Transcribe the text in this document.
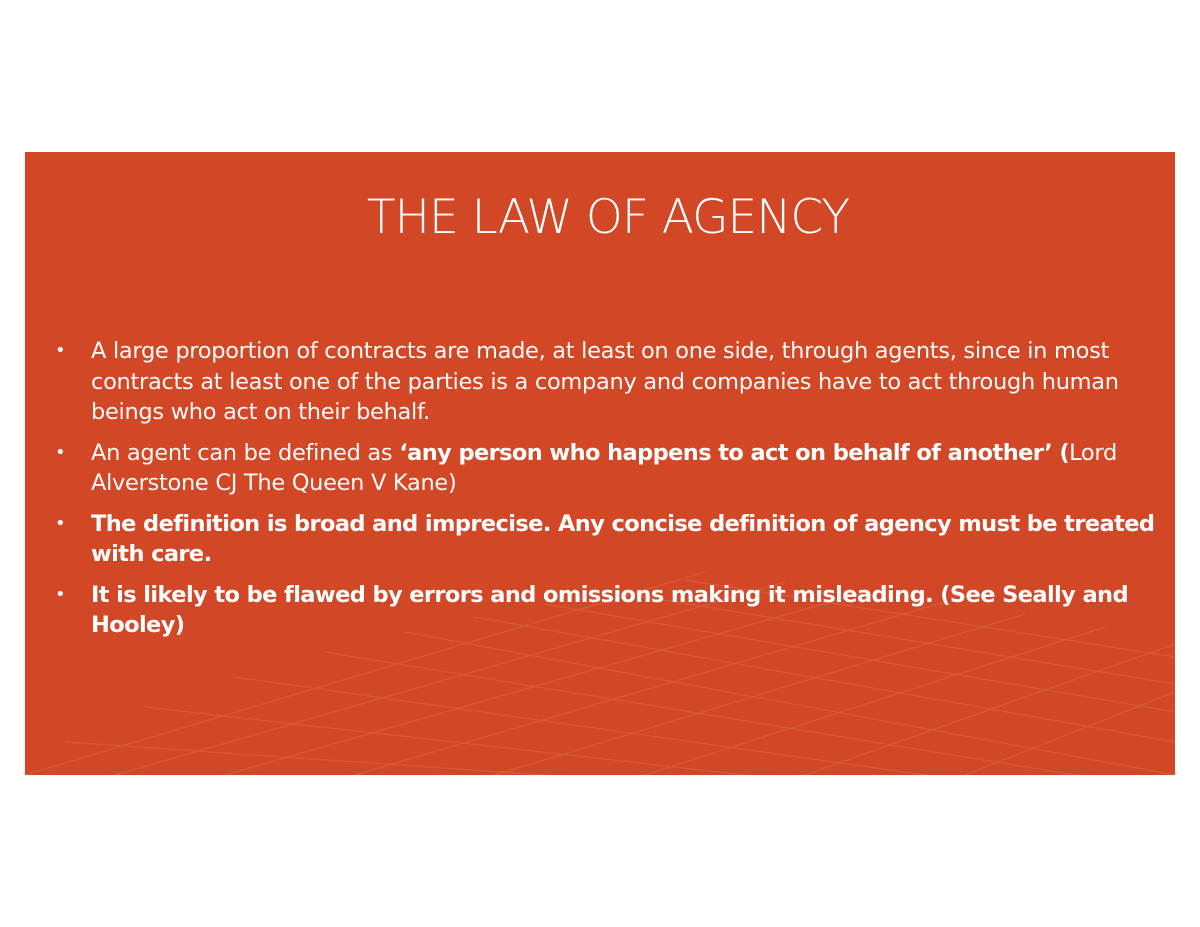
THE LAW OF AGENCY
• A large proportion of contracts are made, at least on one side, through agents, since in most contracts at least one of the parties is a company and companies have to act through human beings who act on their behalf.
• An agent can be defined as ‘any person who happens to act on behalf of another’ (Lord Alverstone CJ The Queen V Kane)
• The definition is broad and imprecise. Any concise definition of agency must be treated with care.
• It is likely to be flawed by errors and omissions making it misleading. (See Seally and Hooley)
